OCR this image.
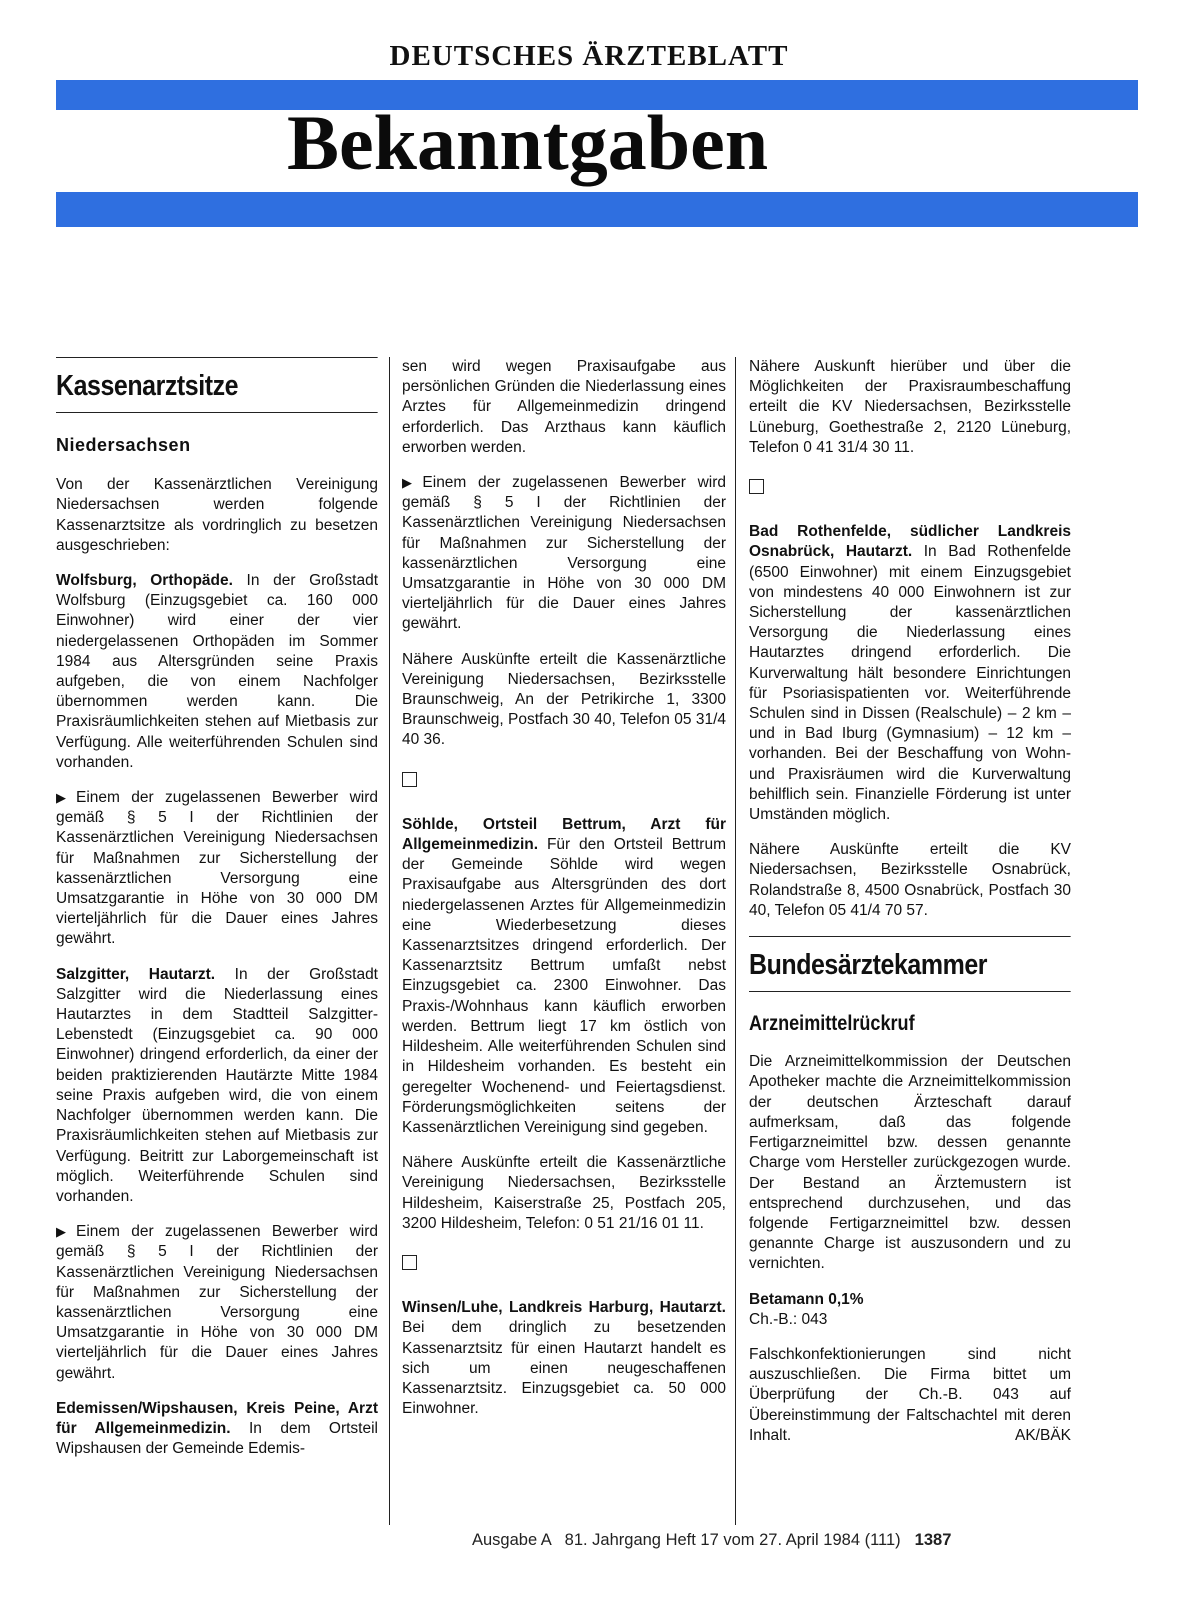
DEUTSCHES ÄRZTEBLATT
Bekanntgaben
Kassenarztsitze
Niedersachsen

Von der Kassenärztlichen Vereinigung Niedersachsen werden folgende Kassenarztsitze als vordringlich zu besetzen ausgeschrieben:

Wolfsburg, Orthopäde. In der Großstadt Wolfsburg (Einzugsgebiet ca. 160 000 Einwohner) wird einer der vier niedergelassenen Orthopäden im Sommer 1984 aus Altersgründen seine Praxis aufgeben, die von einem Nachfolger übernommen werden kann. Die Praxisräumlichkeiten stehen auf Mietbasis zur Verfügung. Alle weiterführenden Schulen sind vorhanden.

▶ Einem der zugelassenen Bewerber wird gemäß § 5 I der Richtlinien der Kassenärztlichen Vereinigung Niedersachsen für Maßnahmen zur Sicherstellung der kassenärztlichen Versorgung eine Umsatzgarantie in Höhe von 30 000 DM vierteljährlich für die Dauer eines Jahres gewährt.

Salzgitter, Hautarzt. In der Großstadt Salzgitter wird die Niederlassung eines Hautarztes in dem Stadtteil Salzgitter-Lebenstedt (Einzugsgebiet ca. 90 000 Einwohner) dringend erforderlich, da einer der beiden praktizierenden Hautärzte Mitte 1984 seine Praxis aufgeben wird, die von einem Nachfolger übernommen werden kann. Die Praxisräumlichkeiten stehen auf Mietbasis zur Verfügung. Beitritt zur Laborgemeinschaft ist möglich. Weiterführende Schulen sind vorhanden.

▶ Einem der zugelassenen Bewerber wird gemäß § 5 I der Richtlinien der Kassenärztlichen Vereinigung Niedersachsen für Maßnahmen zur Sicherstellung der kassenärztlichen Versorgung eine Umsatzgarantie in Höhe von 30 000 DM vierteljährlich für die Dauer eines Jahres gewährt.

Edemissen/Wipshausen, Kreis Peine, Arzt für Allgemeinmedizin. In dem Ortsteil Wipshausen der Gemeinde Edemis-

sen wird wegen Praxisaufgabe aus persönlichen Gründen die Niederlassung eines Arztes für Allgemeinmedizin dringend erforderlich. Das Arzthaus kann käuflich erworben werden.

▶ Einem der zugelassenen Bewerber wird gemäß § 5 I der Richtlinien der Kassenärztlichen Vereinigung Niedersachsen für Maßnahmen zur Sicherstellung der kassenärztlichen Versorgung eine Umsatzgarantie in Höhe von 30 000 DM vierteljährlich für die Dauer eines Jahres gewährt.

Nähere Auskünfte erteilt die Kassenärztliche Vereinigung Niedersachsen, Bezirksstelle Braunschweig, An der Petrikirche 1, 3300 Braunschweig, Postfach 30 40, Telefon 05 31/4 40 36.

Söhlde, Ortsteil Bettrum, Arzt für Allgemeinmedizin. Für den Ortsteil Bettrum der Gemeinde Söhlde wird wegen Praxisaufgabe aus Altersgründen des dort niedergelassenen Arztes für Allgemeinmedizin eine Wiederbesetzung dieses Kassenarztsitzes dringend erforderlich. Der Kassenarztsitz Bettrum umfaßt nebst Einzugsgebiet ca. 2300 Einwohner. Das Praxis-/Wohnhaus kann käuflich erworben werden. Bettrum liegt 17 km östlich von Hildesheim. Alle weiterführenden Schulen sind in Hildesheim vorhanden. Es besteht ein geregelter Wochenend- und Feiertagsdienst. Förderungsmöglichkeiten seitens der Kassenärztlichen Vereinigung sind gegeben.

Nähere Auskünfte erteilt die Kassenärztliche Vereinigung Niedersachsen, Bezirksstelle Hildesheim, Kaiserstraße 25, Postfach 205, 3200 Hildesheim, Telefon: 0 51 21/16 01 11.

Winsen/Luhe, Landkreis Harburg, Hautarzt. Bei dem dringlich zu besetzenden Kassenarztsitz für einen Hautarzt handelt es sich um einen neugeschaffenen Kassenarztsitz. Einzugsgebiet ca. 50 000 Einwohner.

Nähere Auskunft hierüber und über die Möglichkeiten der Praxisraumbeschaffung erteilt die KV Niedersachsen, Bezirksstelle Lüneburg, Goethestraße 2, 2120 Lüneburg, Telefon 0 41 31/4 30 11.

Bad Rothenfelde, südlicher Landkreis Osnabrück, Hautarzt. In Bad Rothenfelde (6500 Einwohner) mit einem Einzugsgebiet von mindestens 40 000 Einwohnern ist zur Sicherstellung der kassenärztlichen Versorgung die Niederlassung eines Hautarztes dringend erforderlich. Die Kurverwaltung hält besondere Einrichtungen für Psoriasispatienten vor. Weiterführende Schulen sind in Dissen (Realschule) – 2 km – und in Bad Iburg (Gymnasium) – 12 km – vorhanden. Bei der Beschaffung von Wohn- und Praxisräumen wird die Kurverwaltung behilflich sein. Finanzielle Förderung ist unter Umständen möglich.

Nähere Auskünfte erteilt die KV Niedersachsen, Bezirksstelle Osnabrück, Rolandstraße 8, 4500 Osnabrück, Postfach 30 40, Telefon 05 41/4 70 57.

Bundesärztekammer
Arzneimittelrückruf

Die Arzneimittelkommission der Deutschen Apotheker machte die Arzneimittelkommission der deutschen Ärzteschaft darauf aufmerksam, daß das folgende Fertigarzneimittel bzw. dessen genannte Charge vom Hersteller zurückgezogen wurde. Der Bestand an Ärztemustern ist entsprechend durchzusehen, und das folgende Fertigarzneimittel bzw. dessen genannte Charge ist auszusondern und zu vernichten.

Betamann 0,1%
Ch.-B.: 043

Falschkonfektionierungen sind nicht auszuschließen. Die Firma bittet um Überprüfung der Ch.-B. 043 auf Übereinstimmung der Faltschachtel mit deren Inhalt.	AK/BÄK

Ausgabe A   81. Jahrgang Heft 17 vom 27. April 1984 (111) 1387
